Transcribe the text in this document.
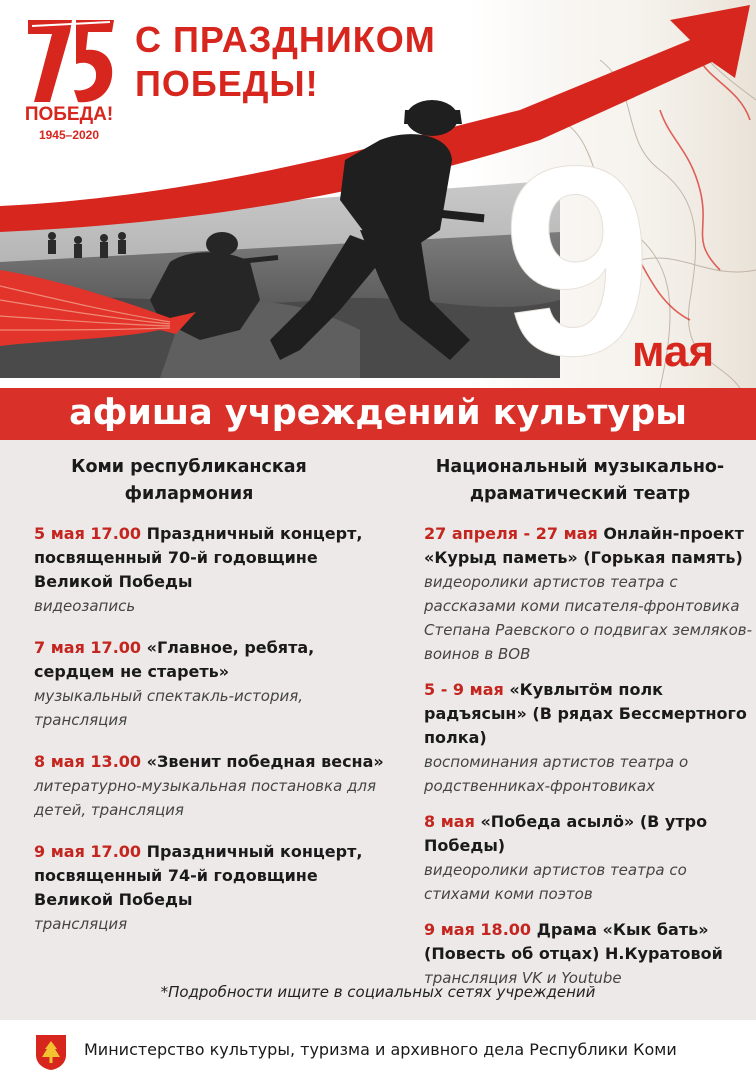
ПОБЕДА!
1945–2020
С ПРАЗДНИКОМ
ПОБЕДЫ!
9
мая
афиша учреждений культуры
Коми республиканская
филармония
5 мая 17.00 Праздничный концерт, посвященный 70-й годовщине Великой Победы
видеозапись
7 мая 17.00 «Главное, ребята, сердцем не стареть»
музыкальный спектакль-история, трансляция
8 мая 13.00 «Звенит победная весна»
литературно-музыкальная постановка для детей, трансляция
9 мая 17.00 Праздничный концерт, посвященный 74-й годовщине Великой Победы
трансляция
Национальный музыкально-
драматический театр
27 апреля - 27 мая Онлайн-проект «Курыд паметь» (Горькая память)
видеоролики артистов театра с рассказами коми писателя-фронтовика Степана Раевского о подвигах земляков-воинов в ВОВ
5 - 9 мая «Кувлытöм полк радъясын» (В рядах Бессмертного полка)
воспоминания артистов театра о родственниках-фронтовиках
8 мая «Победа асылö» (В утро Победы)
видеоролики артистов театра со стихами коми поэтов
9 мая 18.00 Драма «Кык бать» (Повесть об отцах) Н.Куратовой
трансляция VK и Youtube
*Подробности ищите в социальных сетях учреждений
Министерство культуры, туризма и архивного дела Республики Коми
